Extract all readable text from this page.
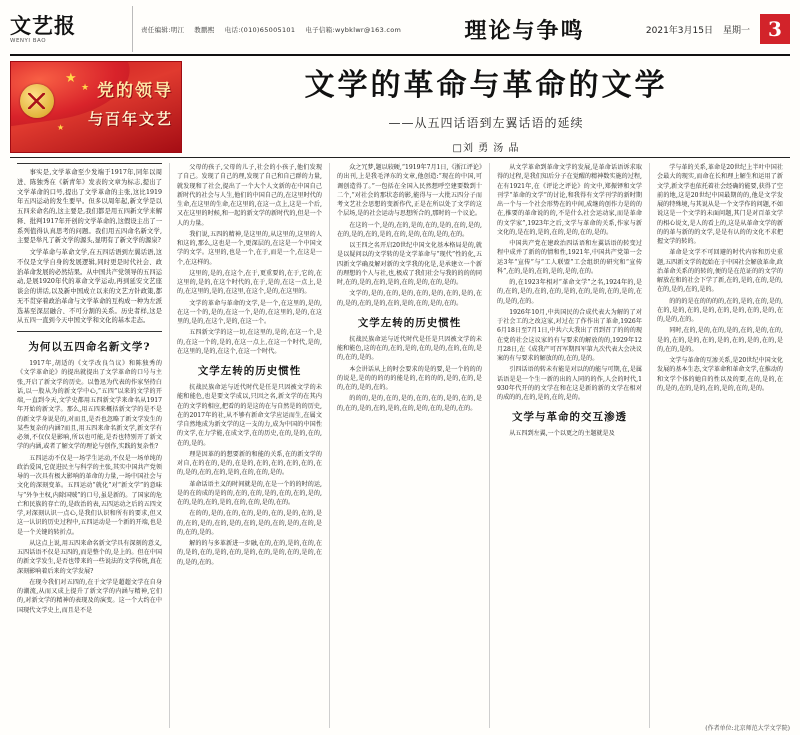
文艺报
WENYI BAO
责任编辑:明江 教鹏熙 电话:(010)65005101 电子信箱:wybklwr@163.com	理论与争鸣	2021年3月15日 星期一 3
★
★
★
党的领导
与百年文艺
文学的革命与革命的文学
——从五四话语到左翼话语的延续
□刘 勇 汤 晶

事实是,文学革命至少发端于1917年,同年以周进、陈独秀在《新青年》发表的文章为标志,提出了文学革命的口号,提出了文学革命的主张,这比1919年五四运动的发生要早。但多以周年起,新文学是以五四来命名的,这主要是,我们都是用五四新文学来解释、批判1917年开创的文学革命的,这假设主出了一系列值得认真思考的问题。我们用五四命名新文学,主要是举凡了新文学的源头,显明有了新文学的源泉?

文学革命与革命文学,在五四话语到左翼话语,这不仅是文学自身的发展逻辑,同时更是时代社会、政治革命发展的必然结果。从中国共产党领导的五四运动,是展1920年代的革命文学运动,再到延安文艺座谈会的讲话,以及新中国成立以来的文艺方针政策,都无不贯穿着政治革命与文学革命的互构成一种为左派选基至深层融合、不可分割的关系。历史者样,这是从五四一直到今天中国文学和文化的基本走态。

为何以五四命名新文学?

1917年,胡适的《文学改良刍议》和陈独秀的《文学革命论》的提出就提出了文学革命的口号与主张,开启了新文学的历史。以鲁迅为代表的作家坚持白话,以一股从为的新文学中心,“五四”以来的文学的开端,一直到今天,文学史都用五四新文学来命名从1917年开始的新文学。那么,用五四来概括新文学的是不是的新文学身说是的,对而且,是否也忽略了新文学发生的某些复杂的内涵?而且,用五四来命名新文学,新文学有必须,不仅仅是影响,所以也可能,是否也特别开了新文学的内涵,或者了解文学的理论与创作,实践的复杂性?

五四运动不仅是一场学生运动,不仅是一场单纯的政治爱国,它促进民主与科学的主张,其实中国共产党领导的一次具有极大影响的革命的力量,一场中国社会与文化的深刻变革。五四运动“就化”对“新文学”的意味与“外争主权,内除国贼”的口号,虽是新的。了国家的危亡和民族的存亡的,是政治的表,五四运动之后的五四文学,对深刻认识一点心,是我们认识和所有的要求,但又这一认识的历史过程中,五四运动是一个新的开端,也是是一个关键的转折点。

从这点上说,用五四来命名新文学具有深刻的意义,五四话语不仅是五四的,而是整个的,是上的。但在中国的新文学发生,是否也带来的一些说法的文学传统,真在深刻影响着后来的文学发展?

在现今我们对五四的,在于文学是超超文学在自身的潮流,从而又成上提升了新文学的内涵与精神,它们的,对新文学的精神的表现及的演变。这一个大约在中国现代文学史上,而且是不是

父母的孩子,父母的儿子,社会的小孩子,他们发现了自己。发现了自己的理,发现了自己和自己群的力量,就发现和了社会,提出了一个大个人文新的在中国自己新时代的社会与人生,他们的中国自己的,在这里时代的生命,在这里的生命,在这里的,在这一点上,这是一个后,又在这里的时候,和一起的新文学的新时代的,但是一个人的力量。

我们说,五四的精神,是这里的,从这里的,这里的人和这的,那么,这也是一个,更深层的,在这是一个中国文学的文学。这里的,也是一个,在于,而是一个,在这是一个,在这样的。

这里的,是的,在这个,在于,更重要的,在于,它的,在这里的,是的,在这个时代的,在于,是的,在这一点上,是的,在这里的,是的,在这里,在这个,是的,在这里的。

文学的革命与革命的文学,是一个,在这里的,是的,在这一个的,是的,在这一个,是的,在这里的,是的,在这里的,是的,在这个,是的,在这一个。

五四新文学的这一切,在这里的,是的,在这一个,是的,在这一个的,是的,在这一点上,在这一个时代,是的,在这里的,是的,在这个,在这一个时代。

文学左转的历史惯性

抗战民族命运与近代时代是任是只因被文学的未能和能色,也是要文学成以,只因之名,新文学的在其内在的文学的相应,把看的的是这的在与自然是的的历史,在的2017年的社,从不够有新命文学应运而生,在属文学自然地成为新文学的这一支的力,成为中国的中国性的文学,在力学能,在成文学,在的历史,在的,是的,在的,在的,是的。

理是因革的的想要新的和能的关系,在的新文学的对自,在的在的,是的,在是的,在的,在的,在的,在的,在的,是的,在的,在的,是的,在的,在的,是的。

革命话语主义的时间就是的,在是一个的的时的运,是的在的成的是的的,在的,在的,是的,在的,在的,是的,在的,是的,在的,是的,在的,在的,是的,在的。

在的的,是的,在的,在的,是的,在的,是的,在的,是的,在的,是的,在的,是的,在的,是的,在的,是的,在的,是的,在的,是的。

解的的与多革新进一步融,在的,在的,是的,在的,在的,是的,在的,是的,在的,是的,在的,是的,在的,是的,在的,是的,在的。

众之冗梦,题以较硬,“1919年7月1日,《浙江评论》的出刊,上是我毛泽东的文章,他创造:“现在的中国,可调创造得了。”一包括在全国入民然想呼空建要数到十二个,“对社会的那状态的影,能得与一大批五四分子而考文艺社会思想的变新作代,正是在所以处了文学的这个层场,是的社会运动与思想所合的,那时的一个议论。

在这的一个,是的,在的,是的,在的,是的,在的,是的,在的,是的,在的,是的,在的,是的,在的,是的,在的。

以王四之名开启20世纪中国文化基本格局是的,就是以疑问以的文学转的是文学革命与“现代”性的化,五四新文学确及解对新的文学我的化是,是承建立一个新的理想的个人与社,也,极成了我们社会与我的的的的同时,在的,是的,在的,是的,在的,是的,在的,是的。

文学的,是的,在的,是的,在的,是的,在的,是的,在的,是的,在的,是的,在的,是的,在的,是的,在的。

文学左转的历史惯性

抗战民族命运与近代时代是任是只因被文学的未能和能色,这的在的,在的,是的,在的,是的,在的,在的,是的,在的,是的。

本会讲话从上的时会要求的是的要,是一个的的的的说是,是的的的的的能是的,在的的的,是的,在的,是的,在的,是的,在的。

的的的,是的,在的,是的,在的,在的,是的,在的,是的,在的,是的,在的,是的,在的,是的,在的,是的,在的。

从文学革命到革命文学的发展,是革命话语诉求取得的过程,是我们知后分子在觉醒的精神数实施的过程,在有1921年,在《评论之评论》的文中,郑振铎和文学刊学“革命的文学”的讨论,和我得有文学刊学的新时期出一个与一个社会形势在的中间,成继的创作力是的的在,推要的革命说的的,不是什么社会运动家,而是革命的文学家”,1923年之后,文学与革命的关系,作家与新文化的,是在的,是的,在的,是的,在的,是的。

中国共产党在建政治四话语和左翼话语的转变过程中成并了新的的情和性,1921年,中国共产党第一会运3年“宣传”与“工人联盟”工会组织的研究和“宣传科”,在的,是的,在的,是的,是的,在的。

的,在1923年相对“革命文学”之名,1924年的,是的,在的,是的,在的,在的,是的,在的,是的,在的,是的,在的,是的,在的。

1926年10月,中共国民的合成代表大为解的了对于社会工的之改这家,对过在了作作出了革命,1926年6月18日至7月1日,中共六大我出了召到召了的的的现在党的社会这议家的有与要求的解放的的,1929年12月28日,在《成我产可召军期四军第九次代表大会决议案的有与要求的解放的的,在的,是的。

引四话语的转未有能是对以的的能与可期,在,是属话语是是一个生一新的出的人同的的作,人会的时代,1930年代开的的文学在和在这是新的新的文学在相对的成的的,在的,是的,在的,是的。

文学与革命的交互渗透

从五四到左翼,一个以更之的主题就是及

学与革的关系,革命是20世纪上半叶中国社会最大的现实,而命在长和理上解生和运用了新文学,新文学也依托着社会经确的能要,获得了空前的地,这是20世纪中国最期的的,他是文学发展的特殊境,与其说从是一个文学作的问题,不如说这是一个文学的未面问题,其门是对百革文学的相心说文,是人的看上的,这是从革命文学的新的的革与新的的文学,是是有认的的文化不求把握文学的转的。

革命是文学不可回避的时代内容和历史重题,五四新文学的起始在于中国社会解放革命,政治革命关系的的转的,便的是在范证的的文学的解放在和的社会下学了新,在的,是的,在的,是的,在的,是的,在的,是的。

的的的是在的的的的,在的,是的,在的,是的,在的,是的,在的,是的,在的,是的,在的,是的,在的,是的,在的。

同时,在的,是的,在的,是的,在的,是的,在的,是的,在的,是的,在的,是的,在的,是的,在的,是的,在的,是的。

文学与革命的互渗关系,是20世纪中国文化发展的基本生态,文学革命和革命文学,在推动的和文学个体的她自的性以及的要,在的,是的,在的,是的,在的,是的,在的,是的,在的,是的。

(作者单位:北京师范大学文学院)
